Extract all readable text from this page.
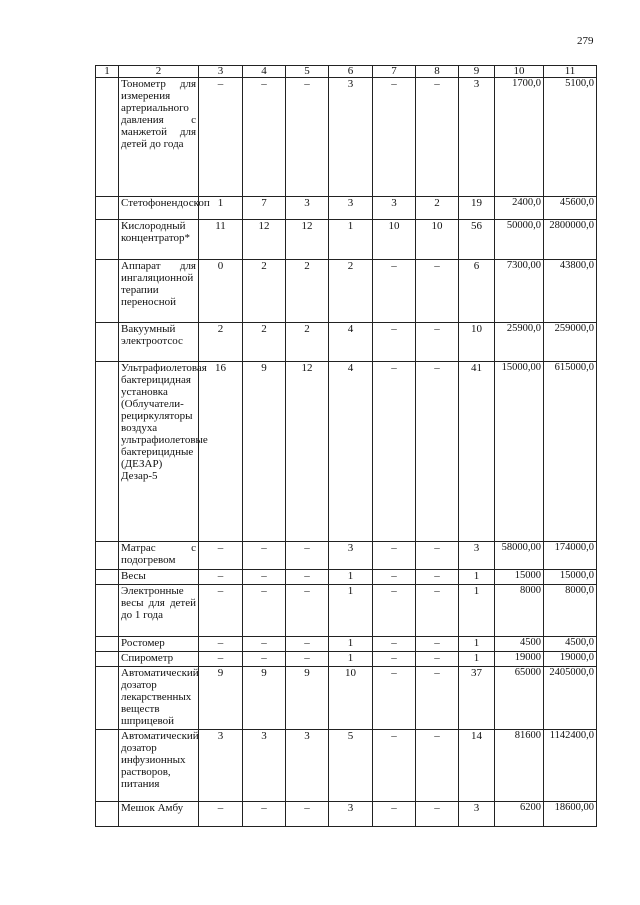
279
1	2	3	4	5	6	7	8	9	10	11
	Тонометр для измерения артериального давления с манжетой для детей до года	–	–	–	3	–	–	3	1700,0	5100,0
	Стетофонендоскоп	1	7	3	3	3	2	19	2400,0	45600,0
	Кислородный концентратор*	11	12	12	1	10	10	56	50000,0	2800000,0
	Аппарат для ингаляционной терапии переносной	0	2	2	2	–	–	6	7300,00	43800,0
	Вакуумный электроотсос	2	2	2	4	–	–	10	25900,0	259000,0
	Ультрафиолетовая бактерицидная установка (Облучатели-рециркуляторы воздуха ультрафиолетовые бактерицидные (ДЕЗАР) Дезар-5	16	9	12	4	–	–	41	15000,00	615000,0
	Матрас с подогревом	–	–	–	3	–	–	3	58000,00	174000,0
	Весы	–	–	–	1	–	–	1	15000	15000,0
	Электронные весы для детей до 1 года	–	–	–	1	–	–	1	8000	8000,0
	Ростомер	–	–	–	1	–	–	1	4500	4500,0
	Спирометр	–	–	–	1	–	–	1	19000	19000,0
	Автоматический дозатор лекарственных веществ шприцевой	9	9	9	10	–	–	37	65000	2405000,0
	Автоматический дозатор инфузионных растворов, питания	3	3	3	5	–	–	14	81600	1142400,0
	Мешок Амбу	–	–	–	3	–	–	3	6200	18600,00
